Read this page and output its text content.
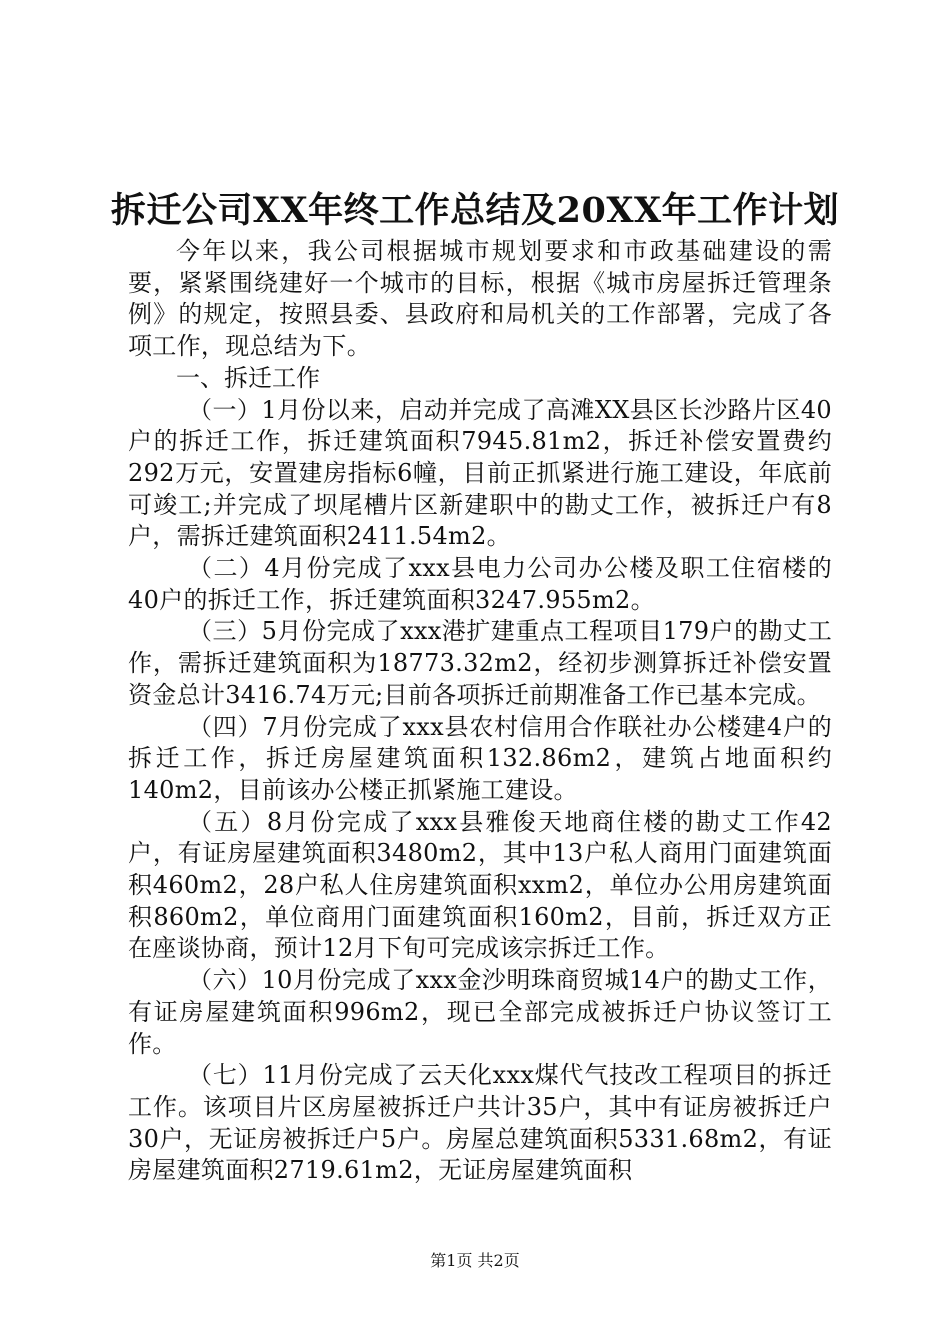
拆迁公司XX年终工作总结及20XX年工作计划

今年以来，我公司根据城市规划要求和市政基础建设的需要，紧紧围绕建好一个城市的目标，根据《城市房屋拆迁管理条例》的规定，按照县委、县政府和局机关的工作部署，完成了各项工作，现总结为下。

一、拆迁工作

（一）1月份以来，启动并完成了高滩XX县区长沙路片区40户的拆迁工作，拆迁建筑面积7945.81m2，拆迁补偿安置费约292万元，安置建房指标6幢，目前正抓紧进行施工建设，年底前可竣工;并完成了坝尾槽片区新建职中的勘丈工作，被拆迁户有8户，需拆迁建筑面积2411.54m2。

（二）4月份完成了xxx县电力公司办公楼及职工住宿楼的40户的拆迁工作，拆迁建筑面积3247.955m2。

（三）5月份完成了xxx港扩建重点工程项目179户的勘丈工作，需拆迁建筑面积为18773.32m2，经初步测算拆迁补偿安置资金总计3416.74万元;目前各项拆迁前期准备工作已基本完成。

（四）7月份完成了xxx县农村信用合作联社办公楼建4户的拆迁工作，拆迁房屋建筑面积132.86m2，建筑占地面积约140m2，目前该办公楼正抓紧施工建设。

（五）8月份完成了xxx县雅俊天地商住楼的勘丈工作42户，有证房屋建筑面积3480m2，其中13户私人商用门面建筑面积460m2，28户私人住房建筑面积xxm2，单位办公用房建筑面积860m2，单位商用门面建筑面积160m2，目前，拆迁双方正在座谈协商，预计12月下旬可完成该宗拆迁工作。

（六）10月份完成了xxx金沙明珠商贸城14户的勘丈工作，有证房屋建筑面积996m2，现已全部完成被拆迁户协议签订工作。

（七）11月份完成了云天化xxx煤代气技改工程项目的拆迁工作。该项目片区房屋被拆迁户共计35户，其中有证房被拆迁户30户，无证房被拆迁户5户。房屋总建筑面积5331.68m2，有证房屋建筑面积2719.61m2，无证房屋建筑面积

第1页 共2页
